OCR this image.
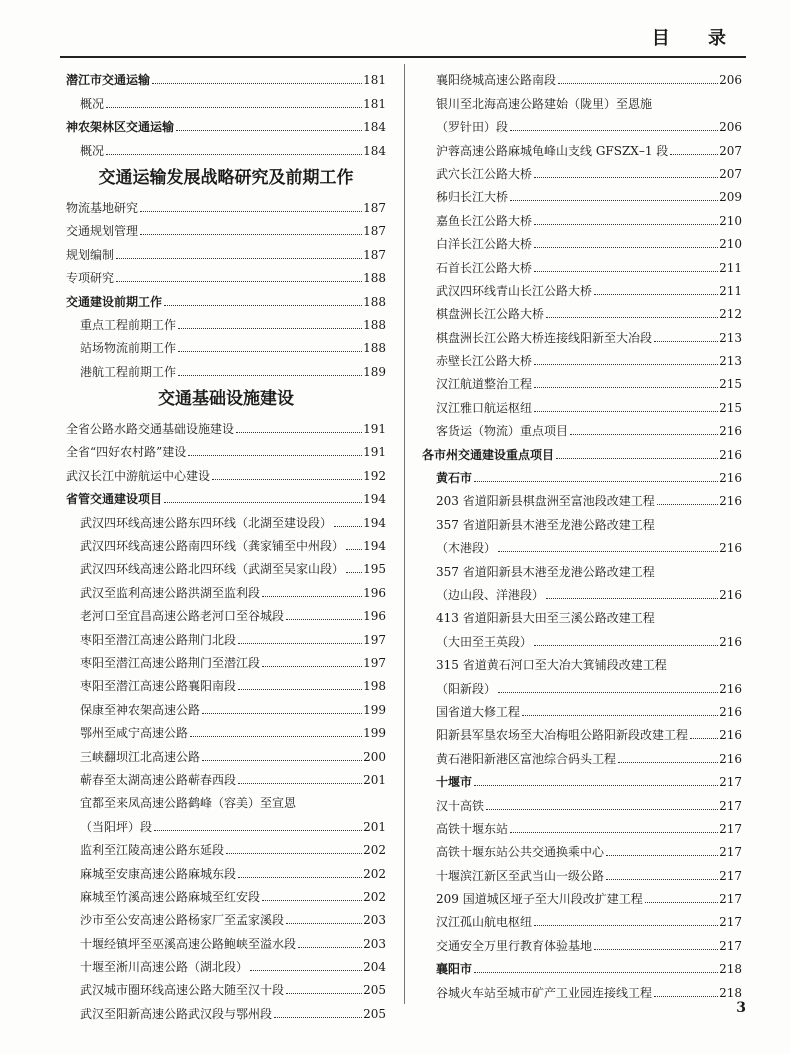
目 录
潜江市交通运输	181
概况	181
神农架林区交通运输	184
概况	184
交通运输发展战略研究及前期工作
物流基地研究	187
交通规划管理	187
规划编制	187
专项研究	188
交通建设前期工作	188
重点工程前期工作	188
站场物流前期工作	188
港航工程前期工作	189
交通基础设施建设
全省公路水路交通基础设施建设	191
全省“四好农村路”建设	191
武汉长江中游航运中心建设	192
省管交通建设项目	194
武汉四环线高速公路东四环线（北湖至建设段）	194
武汉四环线高速公路南四环线（龚家铺至中州段） 194
武汉四环线高速公路北四环线（武湖至吴家山段） 195
武汉至监利高速公路洪湖至监利段	196
老河口至宜昌高速公路老河口至谷城段	196
枣阳至潜江高速公路荆门北段	197
枣阳至潜江高速公路荆门至潜江段	197
枣阳至潜江高速公路襄阳南段	198
保康至神农架高速公路	199
鄂州至咸宁高速公路	199
三峡翻坝江北高速公路	200
蕲春至太湖高速公路蕲春西段	201
宜都至来凤高速公路鹤峰（容美）至宣恩
（当阳坪）段	201
监利至江陵高速公路东延段	202
麻城至安康高速公路麻城东段	202
麻城至竹溪高速公路麻城至红安段	202
沙市至公安高速公路杨家厂至孟家溪段	203
十堰经镇坪至巫溪高速公路鲍峡至溢水段	203
十堰至淅川高速公路（湖北段）	204
武汉城市圈环线高速公路大随至汉十段	205
武汉至阳新高速公路武汉段与鄂州段	205
襄阳绕城高速公路南段	206
银川至北海高速公路建始（陇里）至恩施
（罗针田）段	206
沪蓉高速公路麻城龟峰山支线 GFSZX–1 段	207
武穴长江公路大桥	207
秭归长江大桥	209
嘉鱼长江公路大桥	210
白洋长江公路大桥	210
石首长江公路大桥	211
武汉四环线青山长江公路大桥	211
棋盘洲长江公路大桥	212
棋盘洲长江公路大桥连接线阳新至大冶段	213
赤壁长江公路大桥	213
汉江航道整治工程	215
汉江雅口航运枢纽	215
客货运（物流）重点项目	216
各市州交通建设重点项目	216
黄石市	216
203 省道阳新县棋盘洲至富池段改建工程	216
357 省道阳新县木港至龙港公路改建工程
（木港段）	216
357 省道阳新县木港至龙港公路改建工程
（边山段、洋港段）	216
413 省道阳新县大田至三溪公路改建工程
（大田至王英段）	216
315 省道黄石河口至大冶大箕铺段改建工程
（阳新段）	216
国省道大修工程	216
阳新县军垦农场至大冶梅咀公路阳新段改建工程	216
黄石港阳新港区富池综合码头工程	216
十堰市	217
汉十高铁	217
高铁十堰东站	217
高铁十堰东站公共交通换乘中心	217
十堰滨江新区至武当山一级公路	217
209 国道城区垭子至大川段改扩建工程	217
汉江孤山航电枢纽	217
交通安全万里行教育体验基地	217
襄阳市	218
谷城火车站至城市矿产工业园连接线工程	218
3
